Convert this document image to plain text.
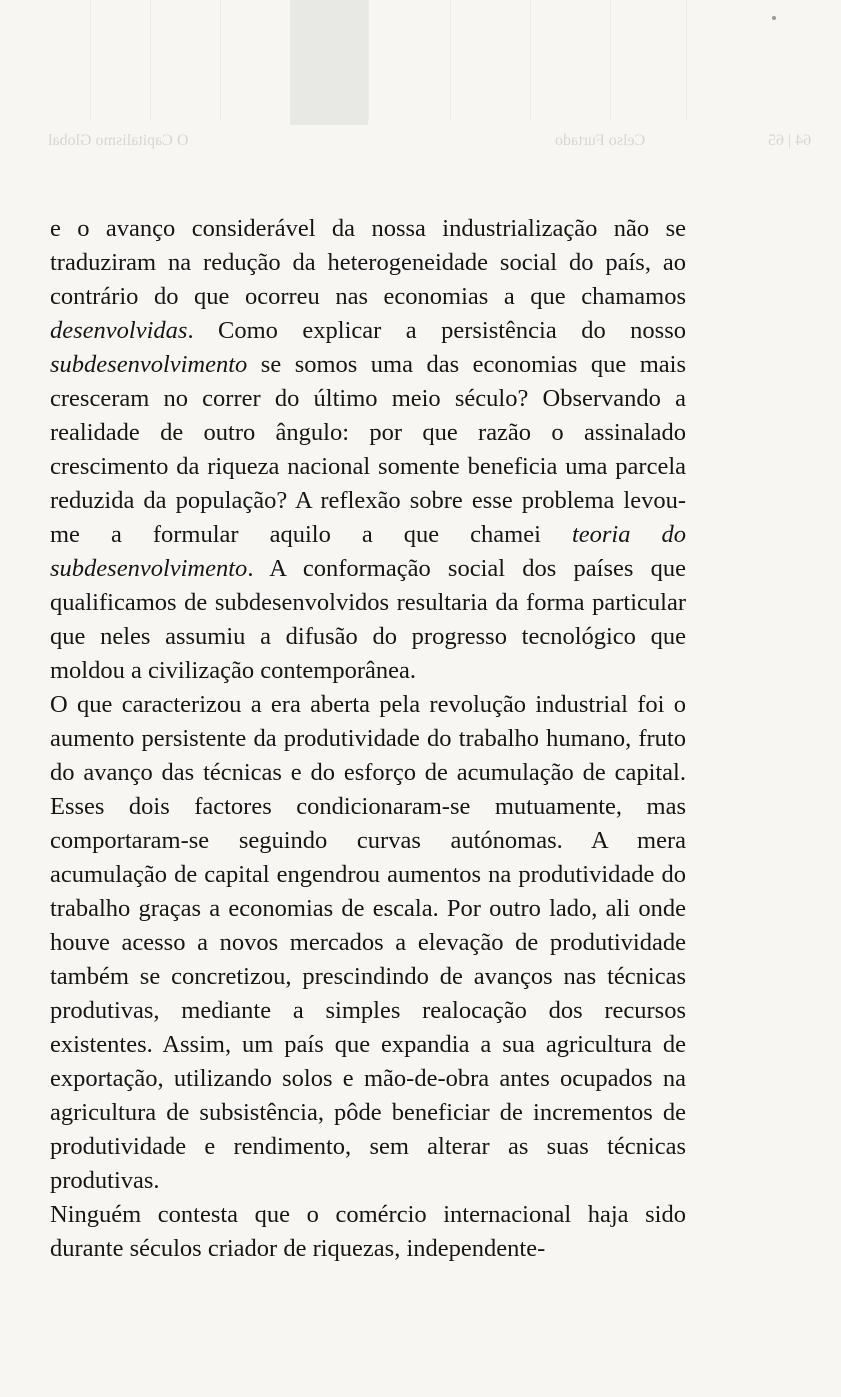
O Capitalismo Global	Celso Furtado	64 | 65

e o avanço considerável da nossa industrialização não se traduziram na redução da heterogeneidade social do país, ao contrário do que ocorreu nas economias a que chamamos desenvolvidas. Como explicar a persistência do nosso subdesenvolvimento se somos uma das economias que mais cresceram no correr do último meio século? Observando a realidade de outro ângulo: por que razão o assinalado crescimento da riqueza nacional somente beneficia uma parcela reduzida da população? A reflexão sobre esse problema levou-me a formular aquilo a que chamei teoria do subdesenvolvimento. A conformação social dos países que qualificamos de subdesenvolvidos resultaria da forma particular que neles assumiu a difusão do progresso tecnológico que moldou a civilização contemporânea.

O que caracterizou a era aberta pela revolução industrial foi o aumento persistente da produtividade do trabalho humano, fruto do avanço das técnicas e do esforço de acumulação de capital. Esses dois factores condicionaram-se mutuamente, mas comportaram-se seguindo curvas autónomas. A mera acumulação de capital engendrou aumentos na produtividade do trabalho graças a economias de escala. Por outro lado, ali onde houve acesso a novos mercados a elevação de produtividade também se concretizou, prescindindo de avanços nas técnicas produtivas, mediante a simples realocação dos recursos existentes. Assim, um país que expandia a sua agricultura de exportação, utilizando solos e mão-de-obra antes ocupados na agricultura de subsistência, pôde beneficiar de incrementos de produtividade e rendimento, sem alterar as suas técnicas produtivas.

Ninguém contesta que o comércio internacional haja sido durante séculos criador de riquezas, independente-
